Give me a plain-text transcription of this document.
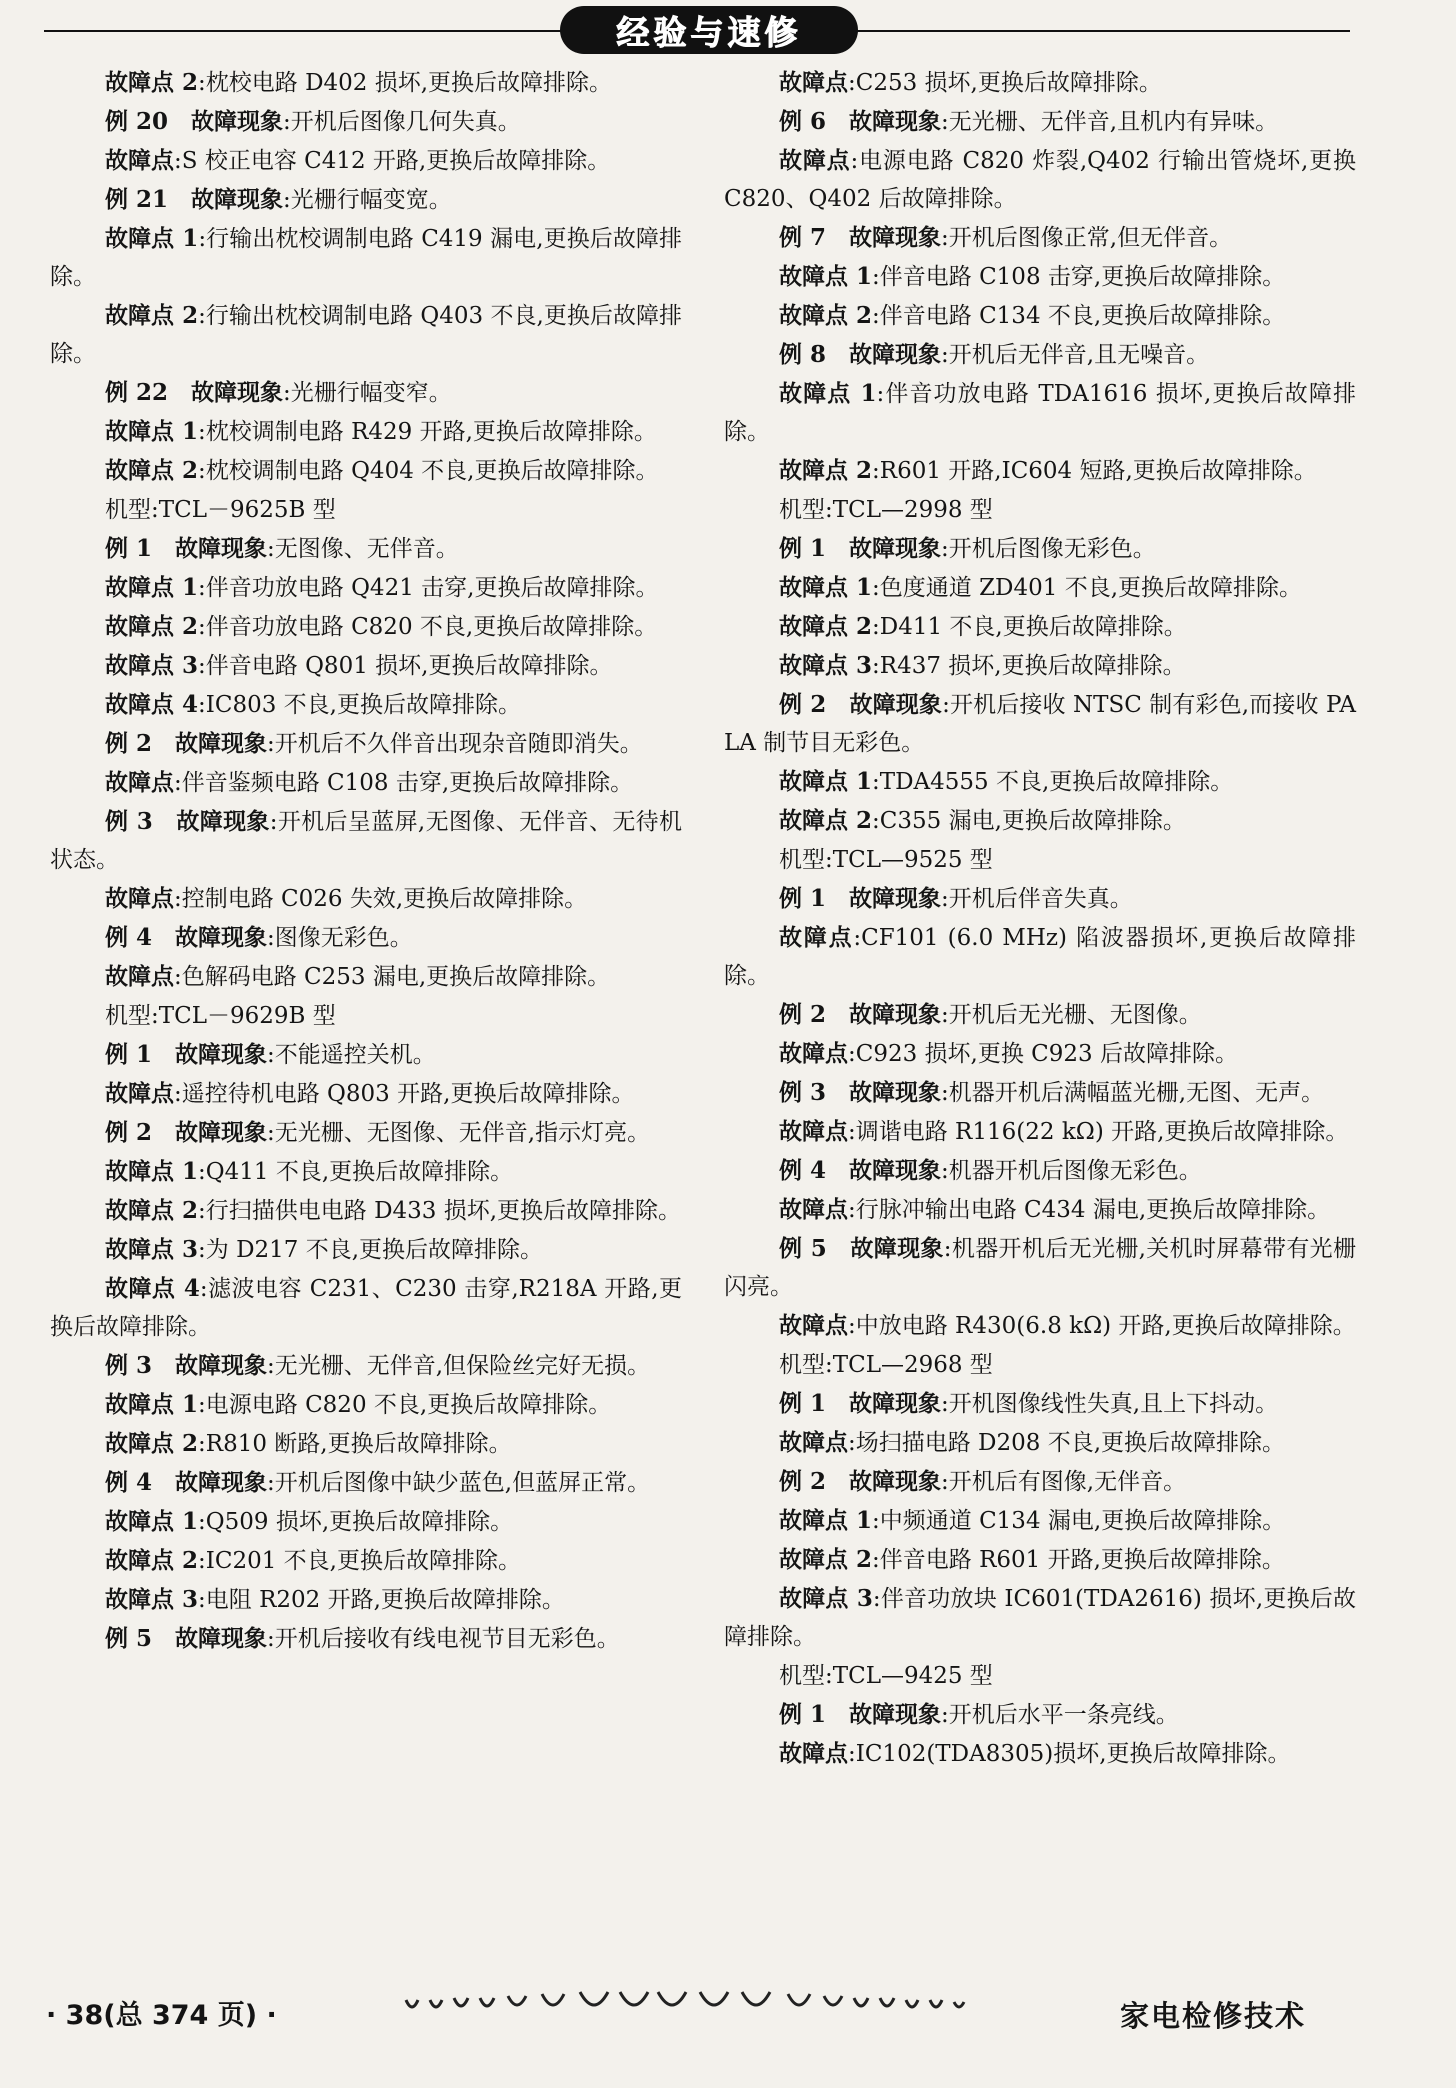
经验与速修

故障点 2:枕校电路 D402 损坏,更换后故障排除。

例 20　 故障现象:开机后图像几何失真。

故障点:S 校正电容 C412 开路,更换后故障排除。

例 21　 故障现象:光栅行幅变宽。

故障点 1:行输出枕校调制电路 C419 漏电,更换后故障排除。

故障点 2:行输出枕校调制电路 Q403 不良,更换后故障排除。

例 22　 故障现象:光栅行幅变窄。

故障点 1:枕校调制电路 R429 开路,更换后故障排除。

故障点 2:枕校调制电路 Q404 不良,更换后故障排除。

机型:TCL－9625B 型

例 1　 故障现象:无图像、无伴音。

故障点 1:伴音功放电路 Q421 击穿,更换后故障排除。

故障点 2:伴音功放电路 C820 不良,更换后故障排除。

故障点 3:伴音电路 Q801 损坏,更换后故障排除。

故障点 4:IC803 不良,更换后故障排除。

例 2　 故障现象:开机后不久伴音出现杂音随即消失。

故障点:伴音鉴频电路 C108 击穿,更换后故障排除。

例 3　 故障现象:开机后呈蓝屏,无图像、无伴音、无待机状态。

故障点:控制电路 C026 失效,更换后故障排除。

例 4　 故障现象:图像无彩色。

故障点:色解码电路 C253 漏电,更换后故障排除。

机型:TCL－9629B 型

例 1　 故障现象:不能遥控关机。

故障点:遥控待机电路 Q803 开路,更换后故障排除。

例 2　 故障现象:无光栅、无图像、无伴音,指示灯亮。

故障点 1:Q411 不良,更换后故障排除。

故障点 2:行扫描供电电路 D433 损坏,更换后故障排除。

故障点 3:为 D217 不良,更换后故障排除。

故障点 4:滤波电容 C231、C230 击穿,R218A 开路,更换后故障排除。

例 3　 故障现象:无光栅、无伴音,但保险丝完好无损。

故障点 1:电源电路 C820 不良,更换后故障排除。

故障点 2:R810 断路,更换后故障排除。

例 4　 故障现象:开机后图像中缺少蓝色,但蓝屏正常。

故障点 1:Q509 损坏,更换后故障排除。

故障点 2:IC201 不良,更换后故障排除。

故障点 3:电阻 R202 开路,更换后故障排除。

例 5　 故障现象:开机后接收有线电视节目无彩色。

故障点:C253 损坏,更换后故障排除。

例 6　 故障现象:无光栅、无伴音,且机内有异味。

故障点:电源电路 C820 炸裂,Q402 行输出管烧坏,更换 C820、Q402 后故障排除。

例 7　 故障现象:开机后图像正常,但无伴音。

故障点 1:伴音电路 C108 击穿,更换后故障排除。

故障点 2:伴音电路 C134 不良,更换后故障排除。

例 8　 故障现象:开机后无伴音,且无噪音。

故障点 1:伴音功放电路 TDA1616 损坏,更换后故障排除。

故障点 2:R601 开路,IC604 短路,更换后故障排除。

机型:TCL—2998 型

例 1　 故障现象:开机后图像无彩色。

故障点 1:色度通道 ZD401 不良,更换后故障排除。

故障点 2:D411 不良,更换后故障排除。

故障点 3:R437 损坏,更换后故障排除。

例 2　 故障现象:开机后接收 NTSC 制有彩色,而接收 PALA 制节目无彩色。

故障点 1:TDA4555 不良,更换后故障排除。

故障点 2:C355 漏电,更换后故障排除。

机型:TCL—9525 型

例 1　 故障现象:开机后伴音失真。

故障点:CF101 (6.0 MHz) 陷波器损坏,更换后故障排除。

例 2　 故障现象:开机后无光栅、无图像。

故障点:C923 损坏,更换 C923 后故障排除。

例 3　 故障现象:机器开机后满幅蓝光栅,无图、无声。

故障点:调谐电路 R116(22 kΩ) 开路,更换后故障排除。

例 4　 故障现象:机器开机后图像无彩色。

故障点:行脉冲输出电路 C434 漏电,更换后故障排除。

例 5　 故障现象:机器开机后无光栅,关机时屏幕带有光栅闪亮。

故障点:中放电路 R430(6.8 kΩ) 开路,更换后故障排除。

机型:TCL—2968 型

例 1　 故障现象:开机图像线性失真,且上下抖动。

故障点:场扫描电路 D208 不良,更换后故障排除。

例 2　 故障现象:开机后有图像,无伴音。

故障点 1:中频通道 C134 漏电,更换后故障排除。

故障点 2:伴音电路 R601 开路,更换后故障排除。

故障点 3:伴音功放块 IC601(TDA2616) 损坏,更换后故障排除。

机型:TCL—9425 型

例 1　 故障现象:开机后水平一条亮线。

故障点:IC102(TDA8305)损坏,更换后故障排除。

· 38(总 374 页) ·	家电检修技术
